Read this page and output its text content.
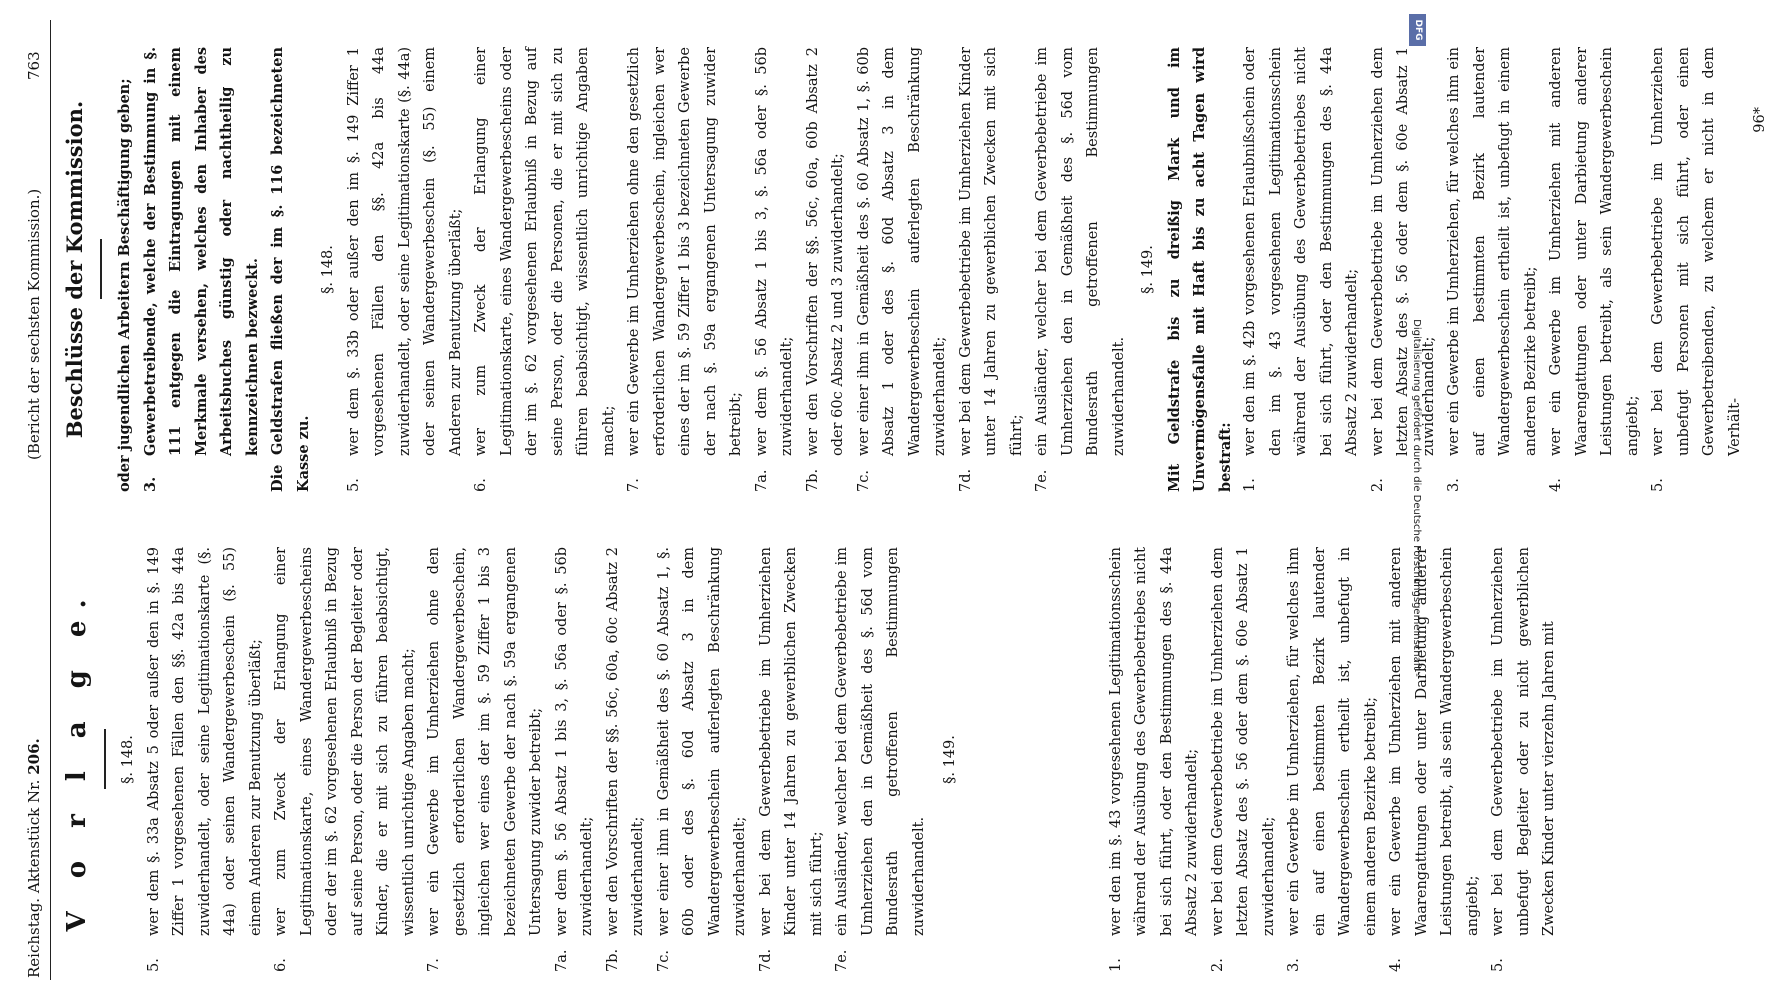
Reichstag. Aktenstück Nr. 206.
(Bericht der sechsten Kommission.)
763

V o r l a g e. §. 148.

5.
wer dem §. 33a Absatz 5 oder außer den in §. 149 Ziffer 1 vorgesehenen Fällen den §§. 42a bis 44a zuwiderhandelt, oder seine Legitimationskarte (§. 44a) oder seinen Wandergewerbeschein (§. 55) einem Anderen zur Benutzung überläßt;
6.
wer zum Zweck der Erlangung einer Legitimationskarte, eines Wandergewerbescheins oder der im §. 62 vorgesehenen Erlaubniß in Bezug auf seine Person, oder die Person der Begleiter oder Kinder, die er mit sich zu führen beabsichtigt, wissentlich unrichtige Angaben macht;
7.
wer ein Gewerbe im Umherziehen ohne den gesetzlich erforderlichen Wandergewerbeschein, ingleichen wer eines der im §. 59 Ziffer 1 bis 3 bezeichneten Gewerbe der nach §. 59a ergangenen Untersagung zuwider betreibt;
7a.
wer dem §. 56 Absatz 1 bis 3, §. 56a oder §. 56b zuwiderhandelt;
7b.
wer den Vorschriften der §§. 56c, 60a, 60c Absatz 2 zuwiderhandelt;
7c.
wer einer ihm in Gemäßheit des §. 60 Absatz 1, §. 60b oder des §. 60d Absatz 3 in dem Wandergewerbeschein auferlegten Beschränkung zuwiderhandelt;
7d.
wer bei dem Gewerbebetriebe im Umherziehen Kinder unter 14 Jahren zu gewerblichen Zwecken mit sich führt;
7e.
ein Ausländer, welcher bei dem Gewerbebetriebe im Umherziehen den in Gemäßheit des §. 56d vom Bundesrath getroffenen Bestimmungen zuwiderhandelt.

§. 149.

1.
wer den im §. 43 vorgesehenen Legitimationsschein während der Ausübung des Gewerbebetriebes nicht bei sich führt, oder den Bestimmungen des §. 44a Absatz 2 zuwiderhandelt;
2.
wer bei dem Gewerbebetriebe im Umherziehen dem letzten Absatz des §. 56 oder dem §. 60e Absatz 1 zuwiderhandelt;
3.
wer ein Gewerbe im Umherziehen, für welches ihm ein auf einen bestimmten Bezirk lautender Wandergewerbeschein ertheilt ist, unbefugt in einem anderen Bezirke betreibt;
4.
wer ein Gewerbe im Umherziehen mit anderen Waarengattungen oder unter Darbietung anderer Leistungen betreibt, als sein Wandergewerbeschein angiebt;
5.
wer bei dem Gewerbebetriebe im Umherziehen unbefugt Begleiter oder zu nicht gewerblichen Zwecken Kinder unter vierzehn Jahren mit

Beschlüsse der Kommission.	oder jugendlichen Arbeitern Beschäftigung geben; 3.
Gewerbetreibende, welche der Bestimmung in §. 111 entgegen die Eintragungen mit einem Merkmale versehen, welches den Inhaber des Arbeitsbuches günstig oder nachtheilig zu kennzeichnen bezweckt. Die Geldstrafen fließen der im §. 116 bezeichneten Kasse zu.

§. 148.

5.
wer dem §. 33b oder außer den im §. 149 Ziffer 1 vorgesehenen Fällen den §§. 42a bis 44a zuwiderhandelt, oder seine Legitimationskarte (§. 44a) oder seinen Wandergewerbeschein (§. 55) einem Anderen zur Benutzung überläßt;
6.
wer zum Zweck der Erlangung einer Legitimationskarte, eines Wandergewerbescheins oder der im §. 62 vorgesehenen Erlaubniß in Bezug auf seine Person, oder die Personen, die er mit sich zu führen beabsichtigt, wissentlich unrichtige Angaben macht;
7.
wer ein Gewerbe im Umherziehen ohne den gesetzlich erforderlichen Wandergewerbeschein, ingleichen wer eines der im §. 59 Ziffer 1 bis 3 bezeichneten Gewerbe der nach §. 59a ergangenen Untersagung zuwider betreibt;
7a.
wer dem §. 56 Absatz 1 bis 3, §. 56a oder §. 56b zuwiderhandelt;
7b.
wer den Vorschriften der §§. 56c, 60a, 60b Absatz 2 oder 60c Absatz 2 und 3 zuwiderhandelt;
7c.
wer einer ihm in Gemäßheit des §. 60 Absatz 1, §. 60b Absatz 1 oder des §. 60d Absatz 3 in dem Wandergewerbeschein auferlegten Beschränkung zuwiderhandelt;
7d.
wer bei dem Gewerbebetriebe im Umherziehen Kinder unter 14 Jahren zu gewerblichen Zwecken mit sich führt;
7e.
ein Ausländer, welcher bei dem Gewerbebetriebe im Umherziehen den in Gemäßheit des §. 56d vom Bundesrath getroffenen Bestimmungen zuwiderhandelt.

§. 149. Mit Geldstrafe bis zu dreißig Mark und im Unvermögensfalle mit Haft bis zu acht Tagen wird bestraft: 1.
wer den im §. 42b vorgesehenen Erlaubnißschein oder den im §. 43 vorgesehenen Legitimationsschein während der Ausübung des Gewerbebetriebes nicht bei sich führt, oder den Bestimmungen des §. 44a Absatz 2 zuwiderhandelt;
2.
wer bei dem Gewerbebetriebe im Umherziehen dem letzten Absatz des §. 56 oder dem §. 60e Absatz 1 zuwiderhandelt;
3.
wer ein Gewerbe im Umherziehen, für welches ihm ein auf einen bestimmten Bezirk lautender Wandergewerbeschein ertheilt ist, unbefugt in einem anderen Bezirke betreibt;
4.
wer ein Gewerbe im Umherziehen mit anderen Waarengattungen oder unter Darbietung anderer Leistungen betreibt, als sein Wandergewerbeschein angiebt;
5.
wer bei dem Gewerbebetriebe im Umherziehen unbefugt Personen mit sich führt, oder einen Gewerbetreibenden, zu welchem er nicht in dem Verhält-

96*

Digitalisierung gefördert durch die Deutsche Forschungsgemeinschaft -
DFG
